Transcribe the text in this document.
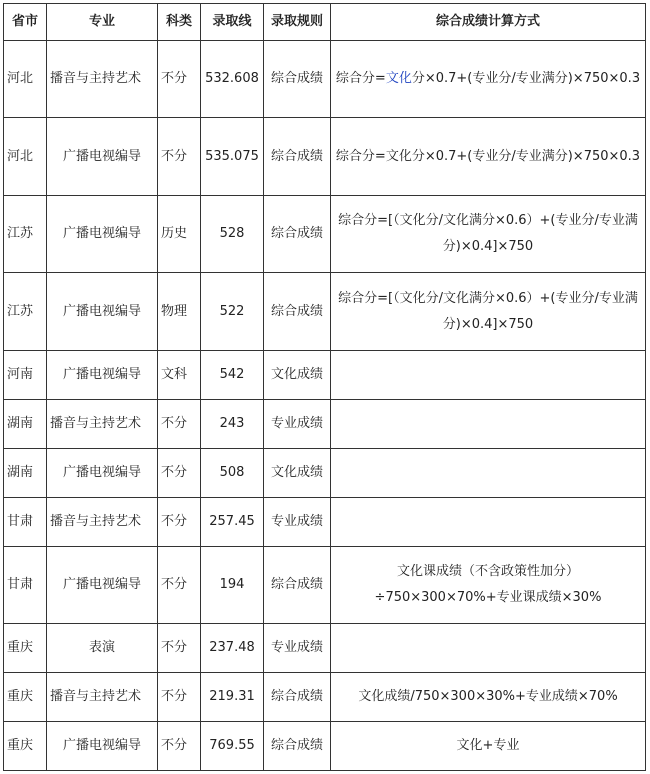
省市	专业	科类	录取线	录取规则	综合成绩计算方式
河北	播音与主持艺术	不分	532.608	综合成绩	综合分=文化分×0.7+(专业分/专业满分)×750×0.3
河北	广播电视编导	不分	535.075	综合成绩	综合分=文化分×0.7+(专业分/专业满分)×750×0.3
江苏	广播电视编导	历史	528	综合成绩	综合分=[（文化分/文化满分×0.6）+(专业分/专业满分)×0.4]×750
江苏	广播电视编导	物理	522	综合成绩	综合分=[（文化分/文化满分×0.6）+(专业分/专业满分)×0.4]×750
河南	广播电视编导	文科	542	文化成绩	
湖南	播音与主持艺术	不分	243	专业成绩	
湖南	广播电视编导	不分	508	文化成绩	
甘肃	播音与主持艺术	不分	257.45	专业成绩	
甘肃	广播电视编导	不分	194	综合成绩	文化课成绩（不含政策性加分）÷750×300×70%+专业课成绩×30%
重庆	表演	不分	237.48	专业成绩	
重庆	播音与主持艺术	不分	219.31	综合成绩	文化成绩/750×300×30%+专业成绩×70%
重庆	广播电视编导	不分	769.55	综合成绩	文化+专业
